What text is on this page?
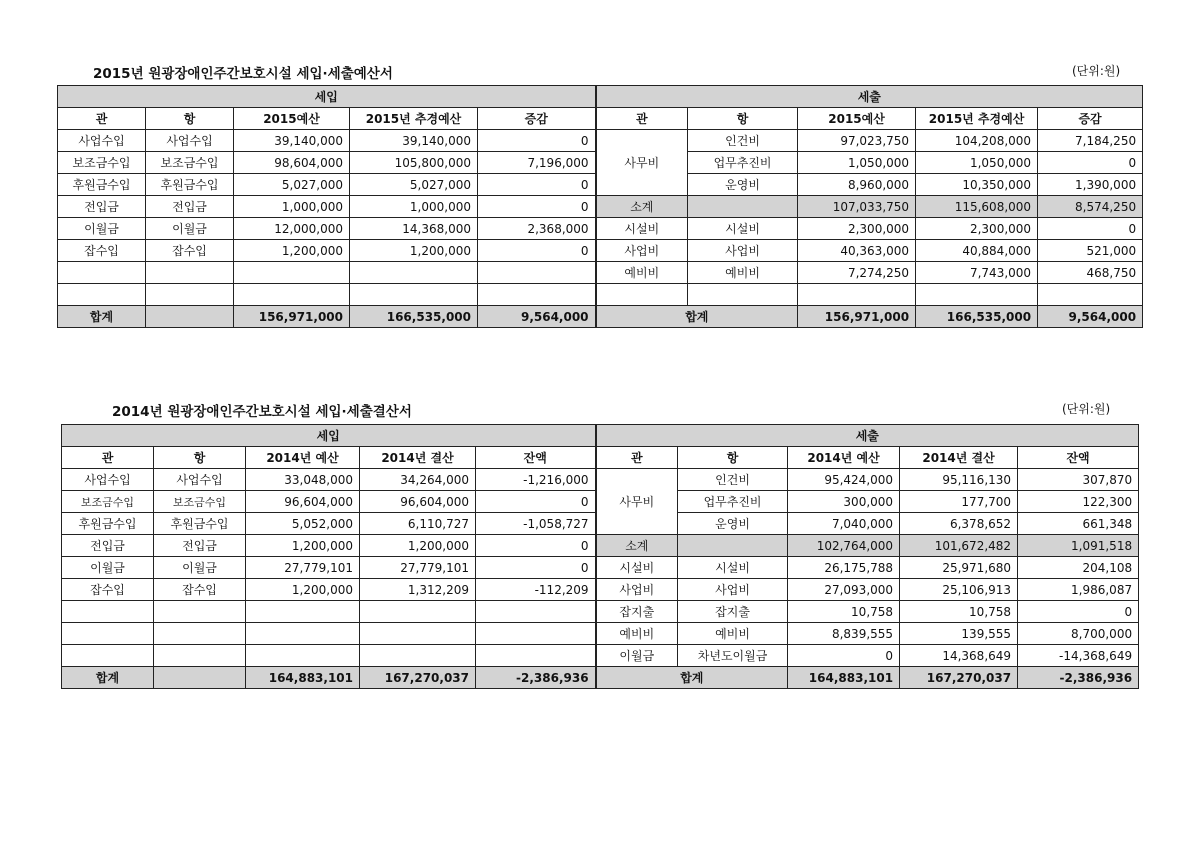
2015년 원광장애인주간보호시설 세입·세출예산서	(단위:원)
세입					세출				
관	항	2015예산	2015년 추경예산	증감	관	항	2015예산	2015년 추경예산	증감
사업수입	사업수입	39,140,000	39,140,000	0	사무비	인건비	97,023,750	104,208,000	7,184,250
보조금수입	보조금수입	98,604,000	105,800,000	7,196,000		업무추진비	1,050,000	1,050,000	0
후원금수입	후원금수입	5,027,000	5,027,000	0		운영비	8,960,000	10,350,000	1,390,000
전입금	전입금	1,000,000	1,000,000	0	소계		107,033,750	115,608,000	8,574,250
이월금	이월금	12,000,000	14,368,000	2,368,000	시설비	시설비	2,300,000	2,300,000	0
잡수입	잡수입	1,200,000	1,200,000	0	사업비	사업비	40,363,000	40,884,000	521,000
					예비비	예비비	7,274,250	7,743,000	468,750

합계		156,971,000	166,535,000	9,564,000	합계		156,971,000	166,535,000	9,564,000
2014년 원광장애인주간보호시설 세입·세출결산서	(단위:원)
세입					세출				
관	항	2014년 예산	2014년 결산	잔액	관	항	2014년 예산	2014년 결산	잔액
사업수입	사업수입	33,048,000	34,264,000	-1,216,000	사무비	인건비	95,424,000	95,116,130	307,870
보조금수입	보조금수입	96,604,000	96,604,000	0		업무추진비	300,000	177,700	122,300
후원금수입	후원금수입	5,052,000	6,110,727	-1,058,727		운영비	7,040,000	6,378,652	661,348
전입금	전입금	1,200,000	1,200,000	0	소계		102,764,000	101,672,482	1,091,518
이월금	이월금	27,779,101	27,779,101	0	시설비	시설비	26,175,788	25,971,680	204,108
잡수입	잡수입	1,200,000	1,312,209	-112,209	사업비	사업비	27,093,000	25,106,913	1,986,087
					잡지출	잡지출	10,758	10,758	0
					예비비	예비비	8,839,555	139,555	8,700,000
					이월금	차년도이월금	0	14,368,649	-14,368,649
합계		164,883,101	167,270,037	-2,386,936	합계		164,883,101	167,270,037	-2,386,936
